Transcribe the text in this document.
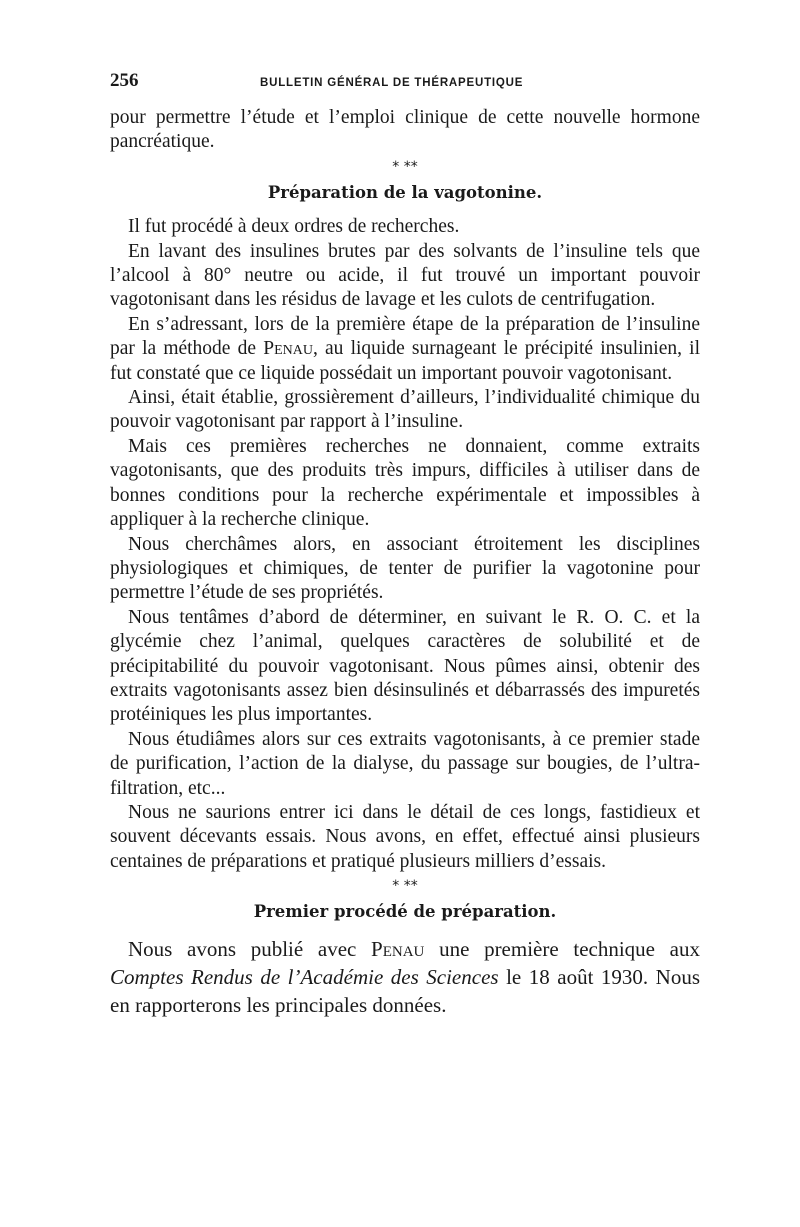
256	BULLETIN GÉNÉRAL DE THÉRAPEUTIQUE

pour permettre l’étude et l’emploi clinique de cette nouvelle hormone pancréatique.

* **
Préparation de la vagotonine.

Il fut procédé à deux ordres de recherches.

En lavant des insulines brutes par des solvants de l’insuline tels que l’alcool à 80° neutre ou acide, il fut trouvé un important pouvoir vagotonisant dans les résidus de lavage et les culots de centrifugation.

En s’adressant, lors de la première étape de la préparation de l’insuline par la méthode de Penau, au liquide surnageant le précipité insulinien, il fut constaté que ce liquide possédait un important pouvoir vagotonisant.

Ainsi, était établie, grossièrement d’ailleurs, l’individualité chimique du pouvoir vagotonisant par rapport à l’insuline.

Mais ces premières recherches ne donnaient, comme extraits vagotonisants, que des produits très impurs, difficiles à utiliser dans de bonnes conditions pour la recherche expérimentale et impossibles à appliquer à la recherche clinique.

Nous cherchâmes alors, en associant étroitement les disciplines physiologiques et chimiques, de tenter de purifier la vagotonine pour permettre l’étude de ses propriétés.

Nous tentâmes d’abord de déterminer, en suivant le R. O. C. et la glycémie chez l’animal, quelques caractères de solubilité et de précipitabilité du pouvoir vagotonisant. Nous pûmes ainsi, obtenir des extraits vagotonisants assez bien désinsulinés et débarrassés des impuretés protéiniques les plus importantes.

Nous étudiâmes alors sur ces extraits vagotonisants, à ce premier stade de purification, l’action de la dialyse, du passage sur bougies, de l’ultra-filtration, etc...

Nous ne saurions entrer ici dans le détail de ces longs, fastidieux et souvent décevants essais. Nous avons, en effet, effectué ainsi plusieurs centaines de préparations et pratiqué plusieurs milliers d’essais.

* **
Premier procédé de préparation.

Nous avons publié avec Penau une première technique aux Comptes Rendus de l’Académie des Sciences le 18 août 1930. Nous en rapporterons les principales données.
